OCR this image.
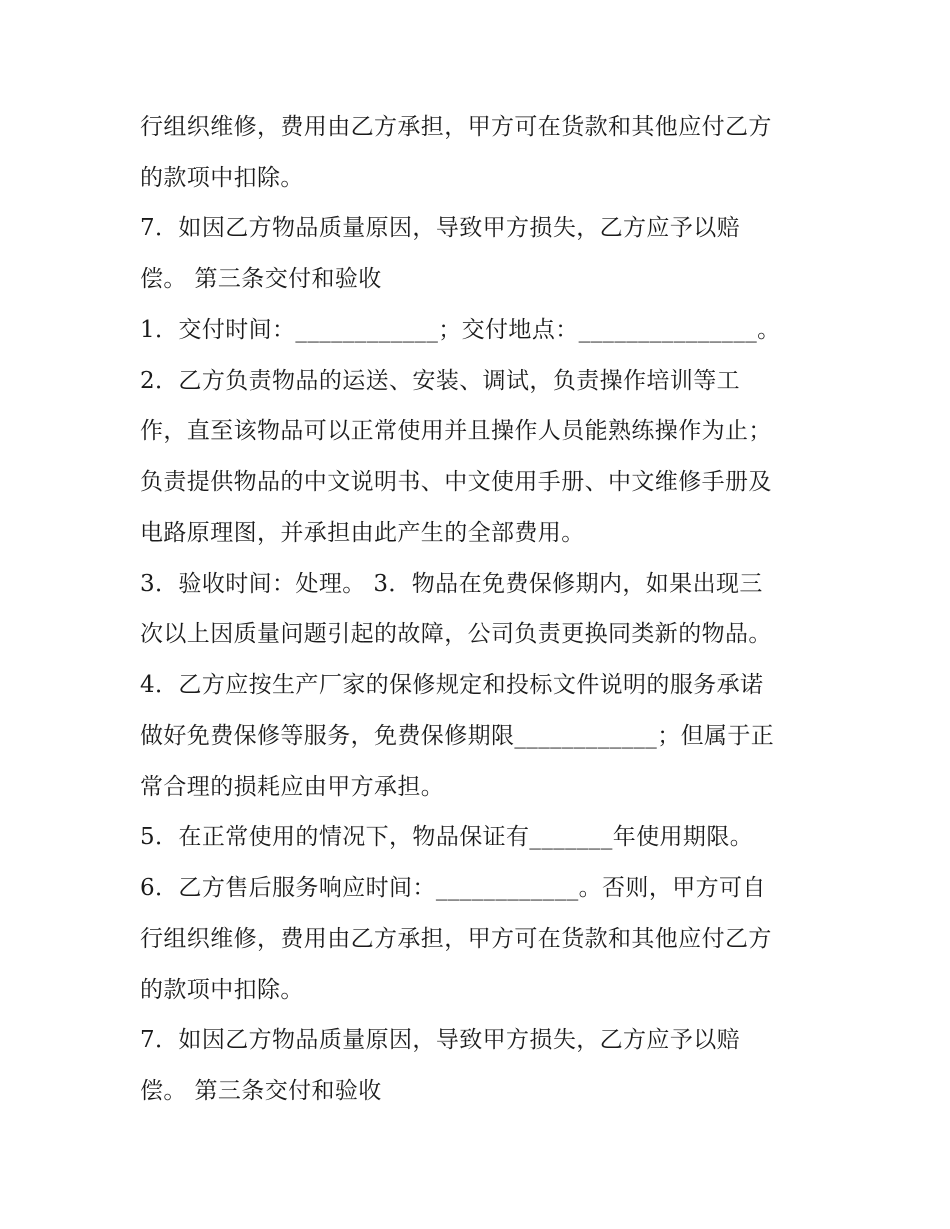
行组织维修，费用由乙方承担，甲方可在货款和其他应付乙方
的款项中扣除。
7．如因乙方物品质量原因，导致甲方损失，乙方应予以赔
偿。 第三条交付和验收
1．交付时间：____________；交付地点：_______________。
2．乙方负责物品的运送、安装、调试，负责操作培训等工
作，直至该物品可以正常使用并且操作人员能熟练操作为止；
负责提供物品的中文说明书、中文使用手册、中文维修手册及
电路原理图，并承担由此产生的全部费用。
3．验收时间：处理。 3．物品在免费保修期内，如果出现三
次以上因质量问题引起的故障，公司负责更换同类新的物品。
4．乙方应按生产厂家的保修规定和投标文件说明的服务承诺
做好免费保修等服务，免费保修期限____________；但属于正
常合理的损耗应由甲方承担。
5．在正常使用的情况下，物品保证有_______年使用期限。
6．乙方售后服务响应时间：____________。否则，甲方可自
行组织维修，费用由乙方承担，甲方可在货款和其他应付乙方
的款项中扣除。
7．如因乙方物品质量原因，导致甲方损失，乙方应予以赔
偿。 第三条交付和验收
